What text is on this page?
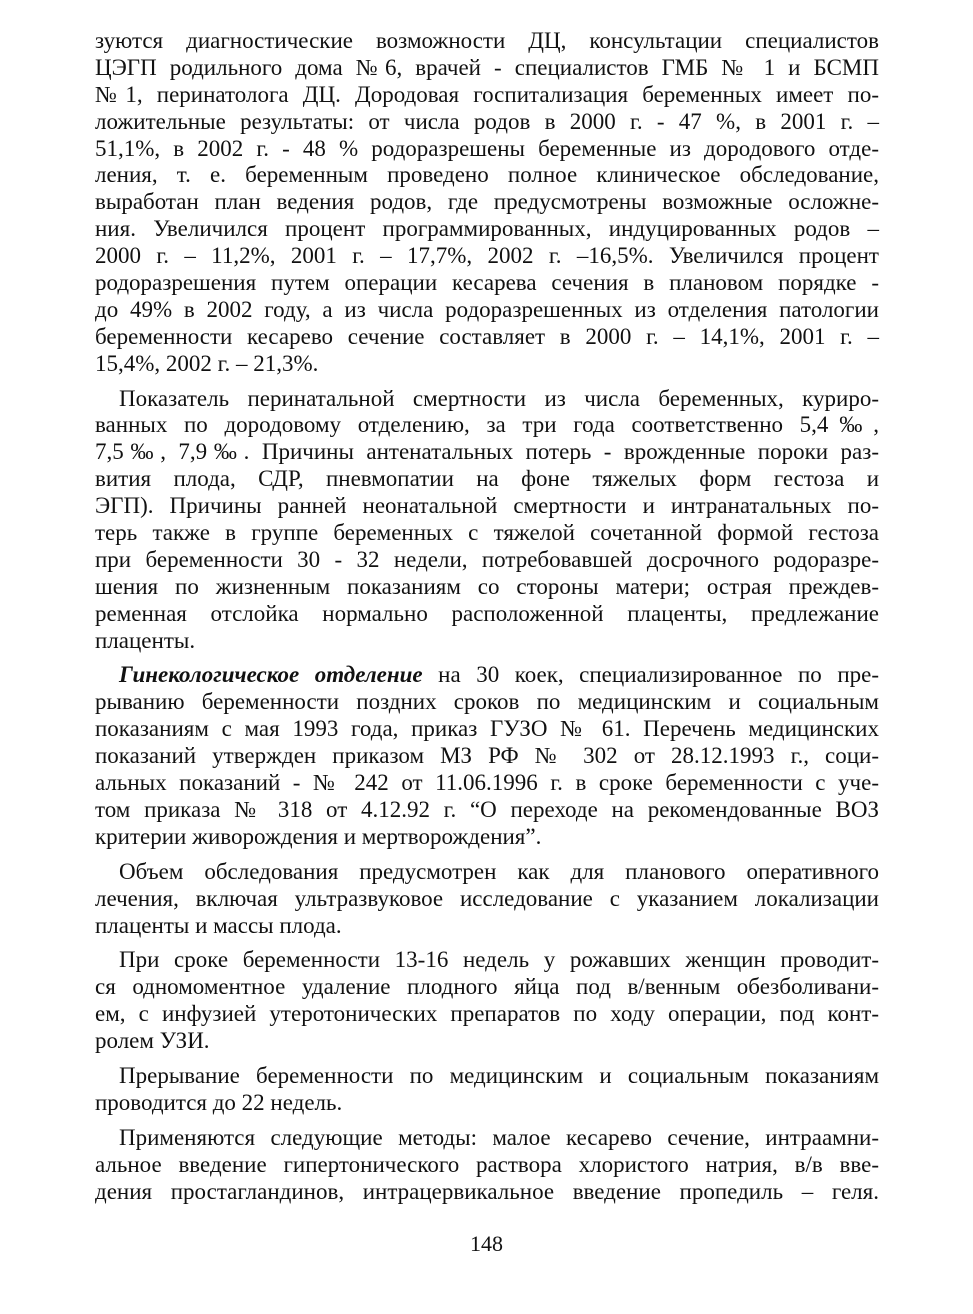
зуются диагностические возможности ДЦ, консультации специалистов
ЦЭГП родильного дома №6, врачей - специалистов ГМБ № 1 и БСМП
№1, перинатолога ДЦ. Дородовая госпитализация беременных имеет по-
ложительные результаты: от числа родов в 2000 г. - 47 %, в 2001 г. –
51,1%, в 2002 г. - 48 % родоразрешены беременные из дородового отде-
ления, т. е. беременным проведено полное клиническое обследование,
выработан план ведения родов, где предусмотрены возможные осложне-
ния. Увеличился процент программированных, индуцированных родов –
2000 г. – 11,2%, 2001 г. – 17,7%, 2002 г. –16,5%. Увеличился процент
родоразрешения путем операции кесарева сечения в плановом порядке -
до 49% в 2002 году, а из числа родоразрешенных из отделения патологии
беременности кесарево сечение составляет в 2000 г. – 14,1%, 2001 г. –
15,4%, 2002 г. – 21,3%.
Показатель перинатальной смертности из числа беременных, куриро-
ванных по дородовому отделению, за три года соответственно 5,4‰,
7,5‰, 7,9‰. Причины антенатальных потерь - врожденные пороки раз-
вития плода, СДР, пневмопатии на фоне тяжелых форм гестоза и
ЭГП). Причины ранней неонатальной смертности и интранатальных по-
терь также в группе беременных с тяжелой сочетанной формой гестоза
при беременности 30 - 32 недели, потребовавшей досрочного родоразре-
шения по жизненным показаниям со стороны матери; острая преждев-
ременная отслойка нормально расположенной плаценты, предлежание
плаценты.
Гинекологическое отделение на 30 коек, специализированное по пре-
рыванию беременности поздних сроков по медицинским и социальным
показаниям с мая 1993 года, приказ ГУЗО № 61. Перечень медицинских
показаний утвержден приказом МЗ РФ № 302 от 28.12.1993 г., соци-
альных показаний - № 242 от 11.06.1996 г. в сроке беременности с уче-
том приказа № 318 от 4.12.92 г. “О переходе на рекомендованные ВОЗ
критерии живорождения и мертворождения”.
Объем обследования предусмотрен как для планового оперативного
лечения, включая ультразвуковое исследование с указанием локализации
плаценты и массы плода.
При сроке беременности 13-16 недель у рожавших женщин проводит-
ся одномоментное удаление плодного яйца под в/венным обезболивани-
ем, с инфузией утеротонических препаратов по ходу операции, под конт-
ролем УЗИ.
Прерывание беременности по медицинским и социальным показаниям
проводится до 22 недель.
Применяются следующие методы: малое кесарево сечение, интраамни-
альное введение гипертонического раствора хлористого натрия, в/в вве-
дения простагландинов, интрацервикальное введение пропедиль – геля.
148
